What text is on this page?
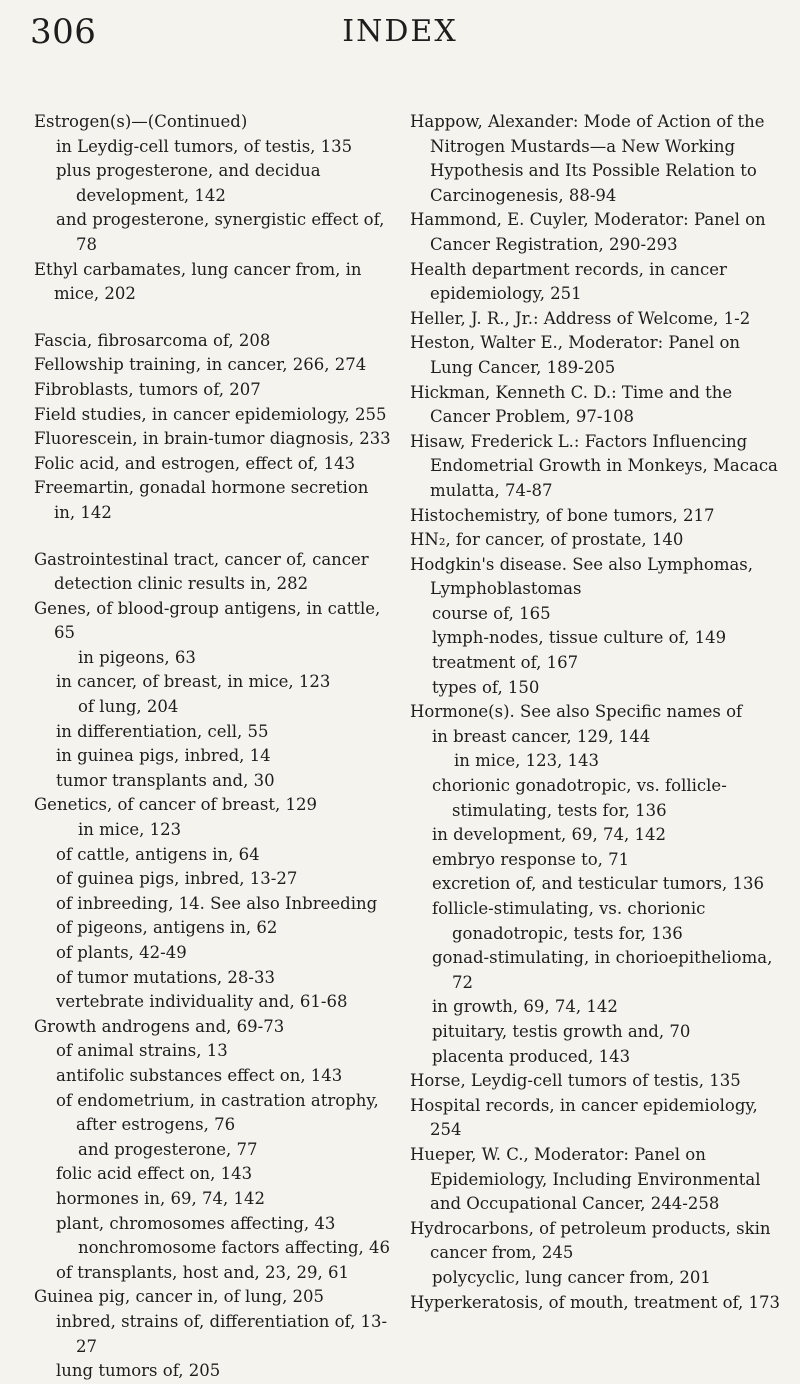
306	INDEX
Estrogen(s)—(Continued)
in Leydig-cell tumors, of testis, 135
plus progesterone, and decidua development, 142
and progesterone, synergistic effect of, 78
Ethyl carbamates, lung cancer from, in mice, 202
Fascia, fibrosarcoma of, 208
Fellowship training, in cancer, 266, 274
Fibroblasts, tumors of, 207
Field studies, in cancer epidemiology, 255
Fluorescein, in brain-tumor diagnosis, 233
Folic acid, and estrogen, effect of, 143
Freemartin, gonadal hormone secretion in, 142
Gastrointestinal tract, cancer of, cancer detection clinic results in, 282
Genes, of blood-group antigens, in cattle, 65
in pigeons, 63
in cancer, of breast, in mice, 123
of lung, 204
in differentiation, cell, 55
in guinea pigs, inbred, 14
tumor transplants and, 30
Genetics, of cancer of breast, 129
in mice, 123
of cattle, antigens in, 64
of guinea pigs, inbred, 13-27
of inbreeding, 14. See also Inbreeding
of pigeons, antigens in, 62
of plants, 42-49
of tumor mutations, 28-33
vertebrate individuality and, 61-68
Growth androgens and, 69-73
of animal strains, 13
antifolic substances effect on, 143
of endometrium, in castration atrophy, after estrogens, 76
and progesterone, 77
folic acid effect on, 143
hormones in, 69, 74, 142
plant, chromosomes affecting, 43
nonchromosome factors affecting, 46
of transplants, host and, 23, 29, 61
Guinea pig, cancer in, of lung, 205
inbred, strains of, differentiation of, 13-27
lung tumors of, 205
Happow, Alexander: Mode of Action of the Nitrogen Mustards—a New Working Hypothesis and Its Possible Relation to Carcinogenesis, 88-94
Hammond, E. Cuyler, Moderator: Panel on Cancer Registration, 290-293
Health department records, in cancer epidemiology, 251
Heller, J. R., Jr.: Address of Welcome, 1-2
Heston, Walter E., Moderator: Panel on Lung Cancer, 189-205
Hickman, Kenneth C. D.: Time and the Cancer Problem, 97-108
Hisaw, Frederick L.: Factors Influencing Endometrial Growth in Monkeys, Macaca mulatta, 74-87
Histochemistry, of bone tumors, 217
HN₂, for cancer, of prostate, 140
Hodgkin's disease. See also Lymphomas, Lymphoblastomas
course of, 165
lymph-nodes, tissue culture of, 149
treatment of, 167
types of, 150
Hormone(s). See also Specific names of
in breast cancer, 129, 144
in mice, 123, 143
chorionic gonadotropic, vs. follicle-stimulating, tests for, 136
in development, 69, 74, 142
embryo response to, 71
excretion of, and testicular tumors, 136
follicle-stimulating, vs. chorionic gonadotropic, tests for, 136
gonad-stimulating, in chorioepithelioma, 72
in growth, 69, 74, 142
pituitary, testis growth and, 70
placenta produced, 143
Horse, Leydig-cell tumors of testis, 135
Hospital records, in cancer epidemiology, 254
Hueper, W. C., Moderator: Panel on Epidemiology, Including Environmental and Occupational Cancer, 244-258
Hydrocarbons, of petroleum products, skin cancer from, 245
polycyclic, lung cancer from, 201
Hyperkeratosis, of mouth, treatment of, 173
